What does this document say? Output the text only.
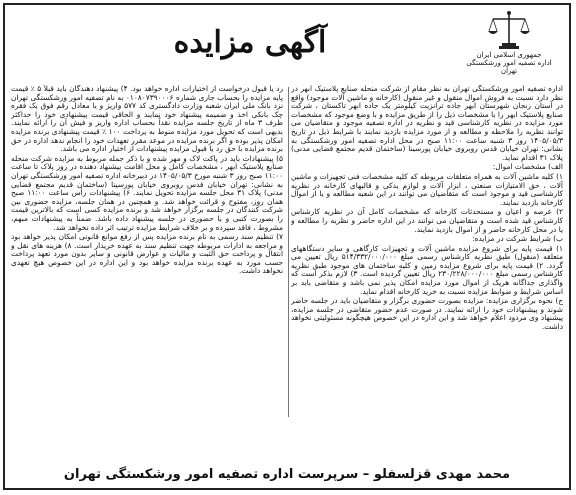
آگهی مزایده	جمهوری اسلامی ایران
اداره تصفیه امور ورشکستگی تهران

اداره تصفیه امور ورشکستگی تهران به نظر مقام از شرکت منحله صنایع پلاستیک ابهر در نظر دارد نسبت به فروش اموال منقول و غیر منقول (کارخانه و ماشین آلات موجود) واقع در استان زنجان شهرستان ابهر جاده ترانزیت کیلومتر یک جاده ابهر تاکستان ، شرکت صنایع پلاستیک ابهر را با مشخصات ذیل را از طریق مزایده و با وضع موجود که مشخصات مورد مزایده در نظریه کارشناسی قید و نظریه در اداره تصفیه موجود و متقاضیان می توانند نظریه را ملاحظه و مطالعه و از مورد مزایده بازدید نمایند با شرایط ذیل در تاریخ ۱۴۰۵/۰۵/۳ روز ۳ شنبه ساعت ۱۱:۰۰ صبح در محل اداره تصفیه امور ورشکستگی به نشانی: تهران خیابان قدس روبروی خیابان پورسینا (ساختمان قدیم مجتمع قضایی مدنی) پلاک ۳۱ اقدام نماید.

الف) مشخصات اموال:

۱) کلیه ماشین آلات به همراه متعلقات مربوطه که کلیه مشخصات فنی تجهیزات و ماشین آلات ، حق الامتیازات صنعتی ، ابزار آلات و لوازم یدکی و قالبهای کارخانه در نظریه کارشناسی قید و موجود است که متقاضیان می توانند در این شعبه مطالعه و یا از اموال کارخانه بازدید نمایند.

۲) عرصه و اعیان و مستحدثات کارخانه که مشخصات کامل آن در نظریه کارشناس کارشناس قید شده است و متقاضیان می توانند در این اداره حاضر و نظریه را مطالعه و یا در محل کارخانه حاضر و از اموال بازدید نمایند.

ب) شرایط شرکت در مزایده:

۱) قیمت پایه برای شروع مزایده ماشین آلات و تجهیزات کارگاهی و سایر دستگاههای متعلقه (منقول) طبق نظریه کارشناس رسمی مبلغ ۵۱۴/۳۳۲/۰۰۰/۰۰۰ ریال تعیین می گردد. ۲) قیمت پایه برای شروع مزایده زمین و کلیه ساختمان های موجود طبق نظریه کارشناس رسمی مبلغ ۲۳۰/۲۲۸/۰۰۰/۰۰۰ ریال تعیین گردیده است. ۳) لازم بذکر است که واگذاری جداگانه هریک از اموال مورد مزایده امکان پذیر نمی باشد و متقاضی باید بر اساس شرایط و ضوابط مزایده نسبت به خرید کارخانه اقدام نماید.

ج) نحوه برگزاری مزایده: مزایده بصورت حضوری برگزار و متقاضیان باید در جلسه حاضر شوند و پیشنهادات خود را ارائه نمایند. در صورت عدم حضور متقاضی در جلسه مزایده، پیشنهاد وی مردود اعلام خواهد شد و این اداره در این خصوص هیچگونه مسئولیتی نخواهد داشت.

رد یا قبول درخواست از اختیارات اداره خواهد بود. ۴) پیشنهاد دهندگان باید قبلاً ۵ ٪ قیمت پایه مزایده را بحساب جاری شماره ۰۱۰۸۰۷۳۹۰۰۰۶ به نام تصفیه امور ورشکستگی تهران نزد بانک ملی ایران شعبه وزارت دادگستری کد ۵۷۷ واریز و یا معادل رقم فوق یک فقره چک بانکی اخذ و ضمیمه پیشنهاد خود نمایند و الحاقی قیمت پیشنهادی خود را حداکثر ظرف ۳ ماه از تاریخ جلسه مزایده نقداً بحساب اداره واریز و فیش آن را ارائه نمایند. بدیهی است که تحویل مورد مزایده منوط به پرداخت ۱۰۰ ٪ قیمت پیشنهادی برنده مزایده امکان پذیر بوده و اگر برنده مزایده در موعد مقرر تعهدات خود را انجام ندهد اداره در حق برنده مزایده با حق رد یا قبول مزایده پیشنهادات از اختیار اداره می باشد.

۵) پیشنهادات باید در پاکت لاک و مهر شده و با ذکر جمله مربوط به مزایده شرکت منحله صنایع پلاستیک ابهر ، مشخصات کامل و محل اقامت پیشنهاد دهنده در روز پلاک تا ساعت ۱۱:۰۰ صبح روز ۳ شنبه مورخ ۱۴۰۵/۰۵/۳ در دبیرخانه اداره تصفیه امور ورشکستگی تهران به نشانی: تهران خیابان قدس روبروی خیابان پورسینا (ساختمان قدیم مجتمع قضایی مدنی) پلاک ۳۱ محل جلسه مزایده تحویل نمایند. ۶) پیشنهادات رأس ساعت ۱۱:۰۰ صبح همان روز، مفتوح و قرائت خواهد شد. و همچنین در همان جلسه، مزایده حضوری بین شرکت کنندگان در جلسه برگزار خواهد شد و برنده مزایده کسی است که بالاترین قیمت را بصورت کتبی و یا حضوری در جلسه پیشنهاد داده باشد. ضمناً به پیشنهادات مبهم، مشروط ، فاقد سپرده و بر خلاف شرایط مزایده ترتیب اثر داده نخواهد شد.

۷) تنظیم سند رسمی به نام برنده مزایده پس از رفع موانع قانونی امکان پذیر خواهد بود و مراجعه به ادارات مربوطه جهت تنظیم سند به عهده خریدار است. ۸) هزینه های نقل و انتقال و پرداخت حق الثبت و مالیات و عوارض قانونی و سایر بدون مورد تعهد پرداخت حسب مورد به عهده برنده مزایده خواهد بود و این اداره در این خصوص هیچ تعهدی نخواهد داشت.

محمد مهدی قزلسفلو – سرپرست اداره تصفیه امور ورشکستگی تهران
